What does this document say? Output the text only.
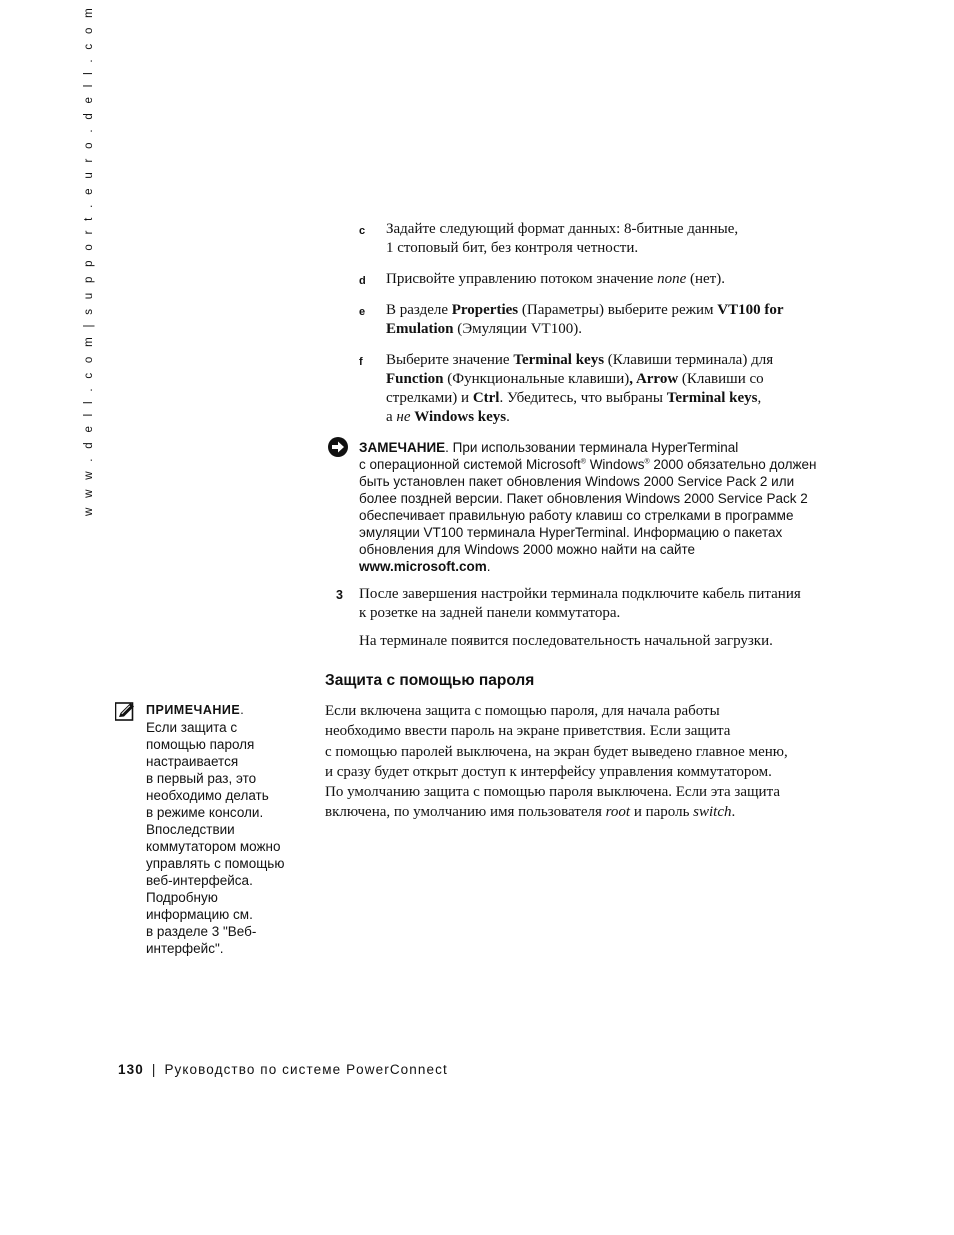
w w w . d e l l . c o m | s u p p o r t . e u r o . d e l l . c o m	c Задайте следующий формат данных: 8-битные данные,
1 стоповый бит, без контроля четности.
d Присвойте управлению потоком значение none (нет).
e В разделе Properties (Параметры) выберите режим VT100 for Emulation (Эмуляции VT100).
f Выберите значение Terminal keys (Клавиши терминала) для Function (Функциональные клавиши), Arrow (Клавиши со стрелками) и Ctrl. Убедитесь, что выбраны Terminal keys,
а не Windows keys.
ЗАМЕЧАНИЕ. При использовании терминала HyperTerminal
с операционной системой Microsoft® Windows® 2000 обязательно должен быть установлен пакет обновления Windows 2000 Service Pack 2 или более поздней версии. Пакет обновления Windows 2000 Service Pack 2 обеспечивает правильную работу клавиш со стрелками в программе эмуляции VT100 терминала HyperTerminal. Информацию о пакетах обновления для Windows 2000 можно найти на сайте www.microsoft.com.
3 После завершения настройки терминала подключите кабель питания к розетке на задней панели коммутатора.
На терминале появится последовательность начальной загрузки.
Защита с помощью пароля
Если включена защита с помощью пароля, для начала работы
необходимо ввести пароль на экране приветствия. Если защита
с помощью паролей выключена, на экран будет выведено главное меню,
и сразу будет открыт доступ к интерфейсу управления коммутатором.
По умолчанию защита с помощью пароля выключена. Если эта защита
включена, по умолчанию имя пользователя root и пароль switch.
ПРИМЕЧАНИЕ.
Если защита с
помощью пароля
настраивается
в первый раз, это
необходимо делать
в режиме консоли.
Впоследствии
коммутатором можно
управлять с помощью
веб-интерфейса.
Подробную
информацию см.
в разделе 3 "Веб-
интерфейс".
130 | Руководство по системе PowerConnect
